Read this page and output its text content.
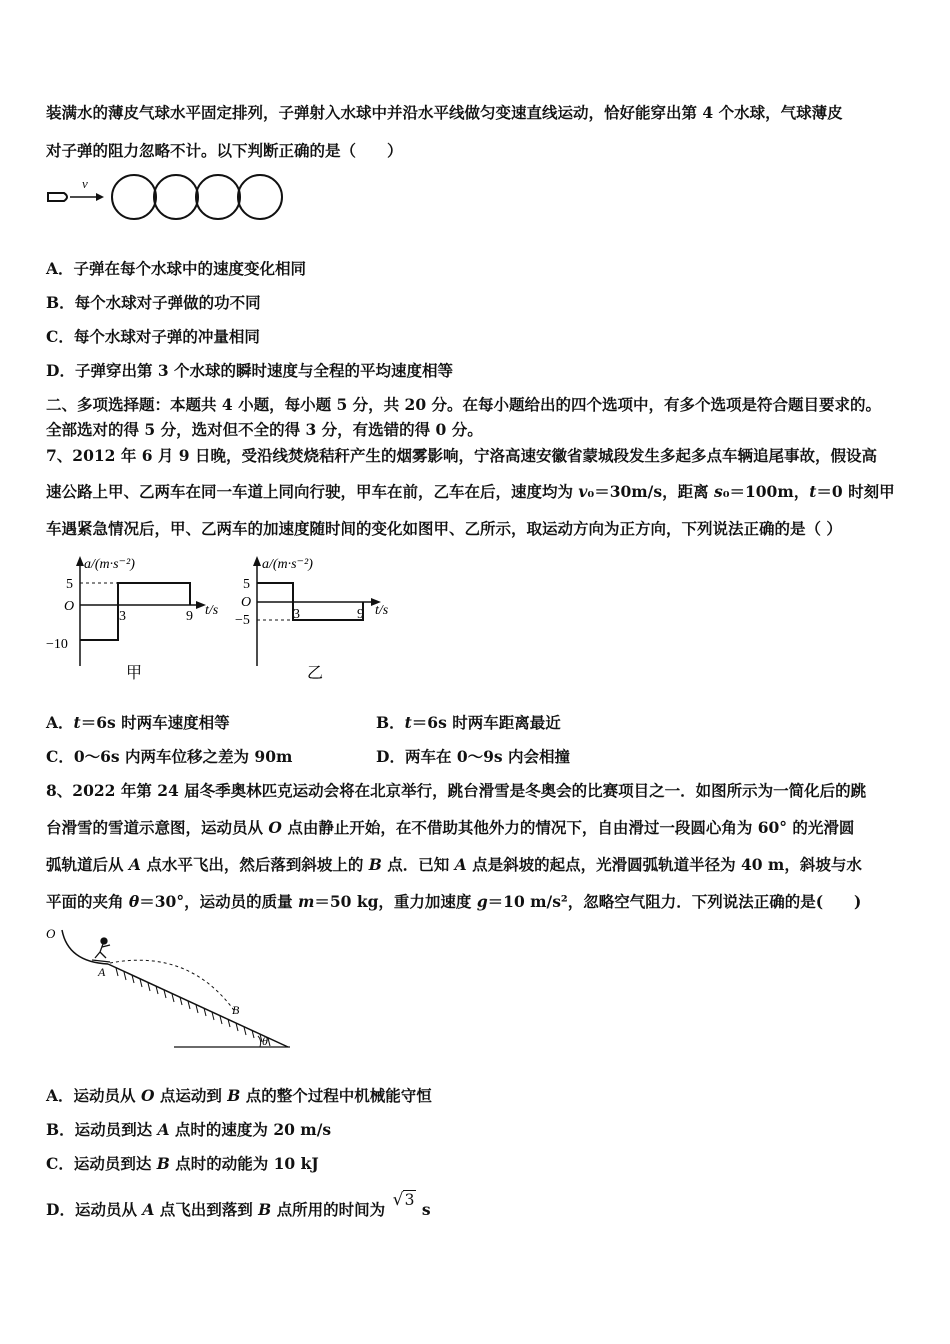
装满水的薄皮气球水平固定排列，子弹射入水球中并沿水平线做匀变速直线运动，恰好能穿出第 4 个水球，气球薄皮
对子弹的阻力忽略不计。以下判断正确的是（　　）
v
A．子弹在每个水球中的速度变化相同
B．每个水球对子弹做的功不同
C．每个水球对子弹的冲量相同
D．子弹穿出第 3 个水球的瞬时速度与全程的平均速度相等
二、多项选择题：本题共 4 小题，每小题 5 分，共 20 分。在每小题给出的四个选项中，有多个选项是符合题目要求的。
全部选对的得 5 分，选对但不全的得 3 分，有选错的得 0 分。
7、2012 年 6 月 9 日晚，受沿线焚烧秸秆产生的烟雾影响，宁洛高速安徽省蒙城段发生多起多点车辆追尾事故，假设高
速公路上甲、乙两车在同一车道上同向行驶，甲车在前，乙车在后，速度均为 v₀＝30m/s，距离 s₀＝100m，t＝0 时刻甲
车遇紧急情况后，甲、乙两车的加速度随时间的变化如图甲、乙所示，取运动方向为正方向，下列说法正确的是（ ）
a/(m·s⁻²)
5
O
−10
3	9 t/s
甲
a/(m·s⁻²)
5
O
−5	3	9 t/s
乙
A．t＝6s 时两车速度相等	B．t＝6s 时两车距离最近
C．0～6s 内两车位移之差为 90m	D．两车在 0～9s 内会相撞
8、2022 年第 24 届冬季奥林匹克运动会将在北京举行，跳台滑雪是冬奥会的比赛项目之一．如图所示为一简化后的跳
台滑雪的雪道示意图，运动员从 O 点由静止开始，在不借助其他外力的情况下，自由滑过一段圆心角为 60° 的光滑圆
弧轨道后从 A 点水平飞出，然后落到斜坡上的 B 点．已知 A 点是斜坡的起点，光滑圆弧轨道半径为 40 m，斜坡与水
平面的夹角 θ＝30°，运动员的质量 m＝50 kg，重力加速度 g＝10 m/s²，忽略空气阻力．下列说法正确的是(　　)
O
A
B
θ
A．运动员从 O 点运动到 B 点的整个过程中机械能守恒
B．运动员到达 A 点时的速度为 20 m/s
C．运动员到达 B 点时的动能为 10 kJ
D．运动员从 A 点飞出到落到 B 点所用的时间为 √ 3 s
